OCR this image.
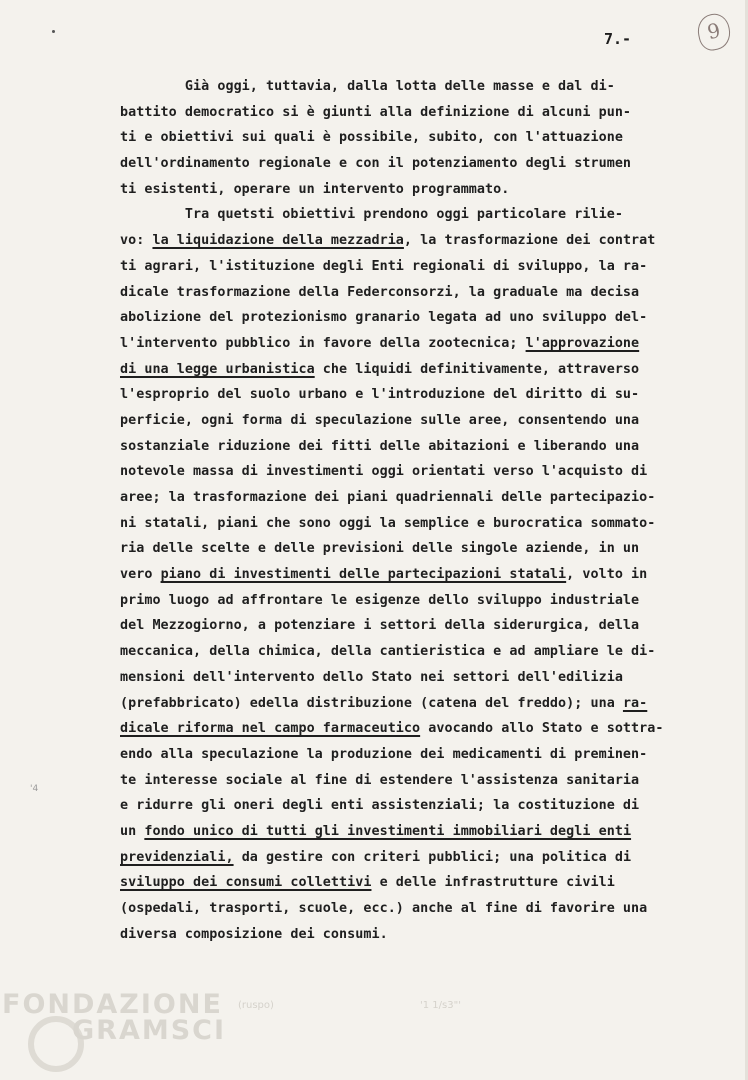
7.-	9
'4
Già oggi, tuttavia, dalla lotta delle masse e dal di-
battito democratico si è giunti alla definizione di alcuni pun-
ti e obiettivi sui quali è possibile, subito, con l'attuazione
dell'ordinamento regionale e con il potenziamento degli strumen
ti esistenti, operare un intervento programmato.
Tra quetsti obiettivi prendono oggi particolare rilie-
vo: la liquidazione della mezzadria, la trasformazione dei contrat
ti agrari, l'istituzione degli Enti regionali di sviluppo, la ra-
dicale trasformazione della Federconsorzi, la graduale ma decisa
abolizione del protezionismo granario legata ad uno sviluppo del-
l'intervento pubblico in favore della zootecnica; l'approvazione
di una legge urbanistica che liquidi definitivamente, attraverso
l'esproprio del suolo urbano e l'introduzione del diritto di su-
perficie, ogni forma di speculazione sulle aree, consentendo una
sostanziale riduzione dei fitti delle abitazioni e liberando una
notevole massa di investimenti oggi orientati verso l'acquisto di
aree; la trasformazione dei piani quadriennali delle partecipazio-
ni statali, piani che sono oggi la semplice e burocratica sommato-
ria delle scelte e delle previsioni delle singole aziende, in un
vero piano di investimenti delle partecipazioni statali, volto in
primo luogo ad affrontare le esigenze dello sviluppo industriale
del Mezzogiorno, a potenziare i settori della siderurgica, della
meccanica, della chimica, della cantieristica e ad ampliare le di-
mensioni dell'intervento dello Stato nei settori dell'edilizia
(prefabbricato) edella distribuzione (catena del freddo); una ra-
dicale riforma nel campo farmaceutico avocando allo Stato e sottra-
endo alla speculazione la produzione dei medicamenti di preminen-
te interesse sociale al fine di estendere l'assistenza sanitaria
e ridurre gli oneri degli enti assistenziali; la costituzione di
un fondo unico di tutti gli investimenti immobiliari degli enti
previdenziali, da gestire con criteri pubblici; una politica di
sviluppo dei consumi collettivi e delle infrastrutture civili
(ospedali, trasporti, scuole, ecc.) anche al fine di favorire una
diversa composizione dei consumi.
(ruspo)	'1 1/s3"'
FONDAZIONE
GRAMSCI
